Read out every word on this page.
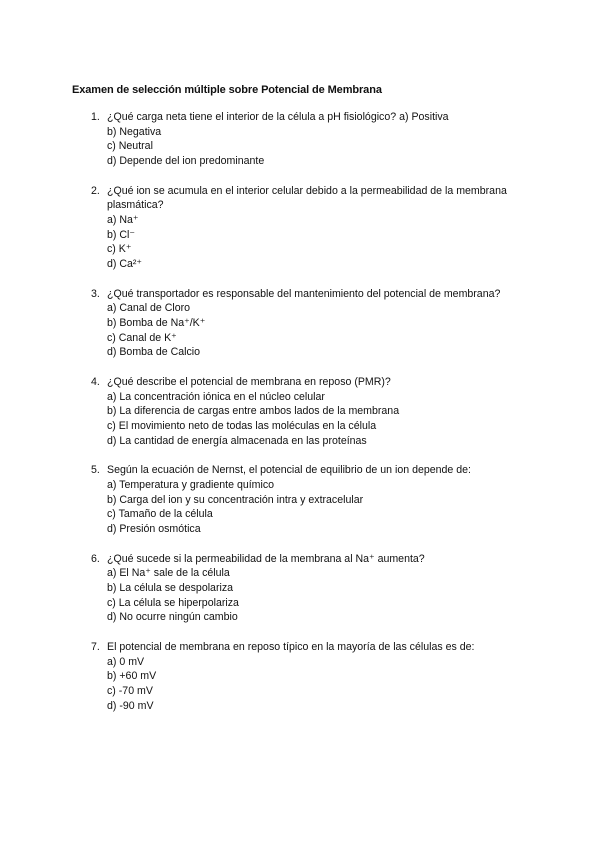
Examen de selección múltiple sobre Potencial de Membrana
1. ¿Qué carga neta tiene el interior de la célula a pH fisiológico? a) Positiva
b) Negativa
c) Neutral
d) Depende del ion predominante
2. ¿Qué ion se acumula en el interior celular debido a la permeabilidad de la membrana plasmática?
a) Na⁺
b) Cl⁻
c) K⁺
d) Ca²⁺
3. ¿Qué transportador es responsable del mantenimiento del potencial de membrana?
a) Canal de Cloro
b) Bomba de Na⁺/K⁺
c) Canal de K⁺
d) Bomba de Calcio
4. ¿Qué describe el potencial de membrana en reposo (PMR)?
a) La concentración iónica en el núcleo celular
b) La diferencia de cargas entre ambos lados de la membrana
c) El movimiento neto de todas las moléculas en la célula
d) La cantidad de energía almacenada en las proteínas
5. Según la ecuación de Nernst, el potencial de equilibrio de un ion depende de:
a) Temperatura y gradiente químico
b) Carga del ion y su concentración intra y extracelular
c) Tamaño de la célula
d) Presión osmótica
6. ¿Qué sucede si la permeabilidad de la membrana al Na⁺ aumenta?
a) El Na⁺ sale de la célula
b) La célula se despolariza
c) La célula se hiperpolariza
d) No ocurre ningún cambio
7. El potencial de membrana en reposo típico en la mayoría de las células es de:
a) 0 mV
b) +60 mV
c) -70 mV
d) -90 mV
